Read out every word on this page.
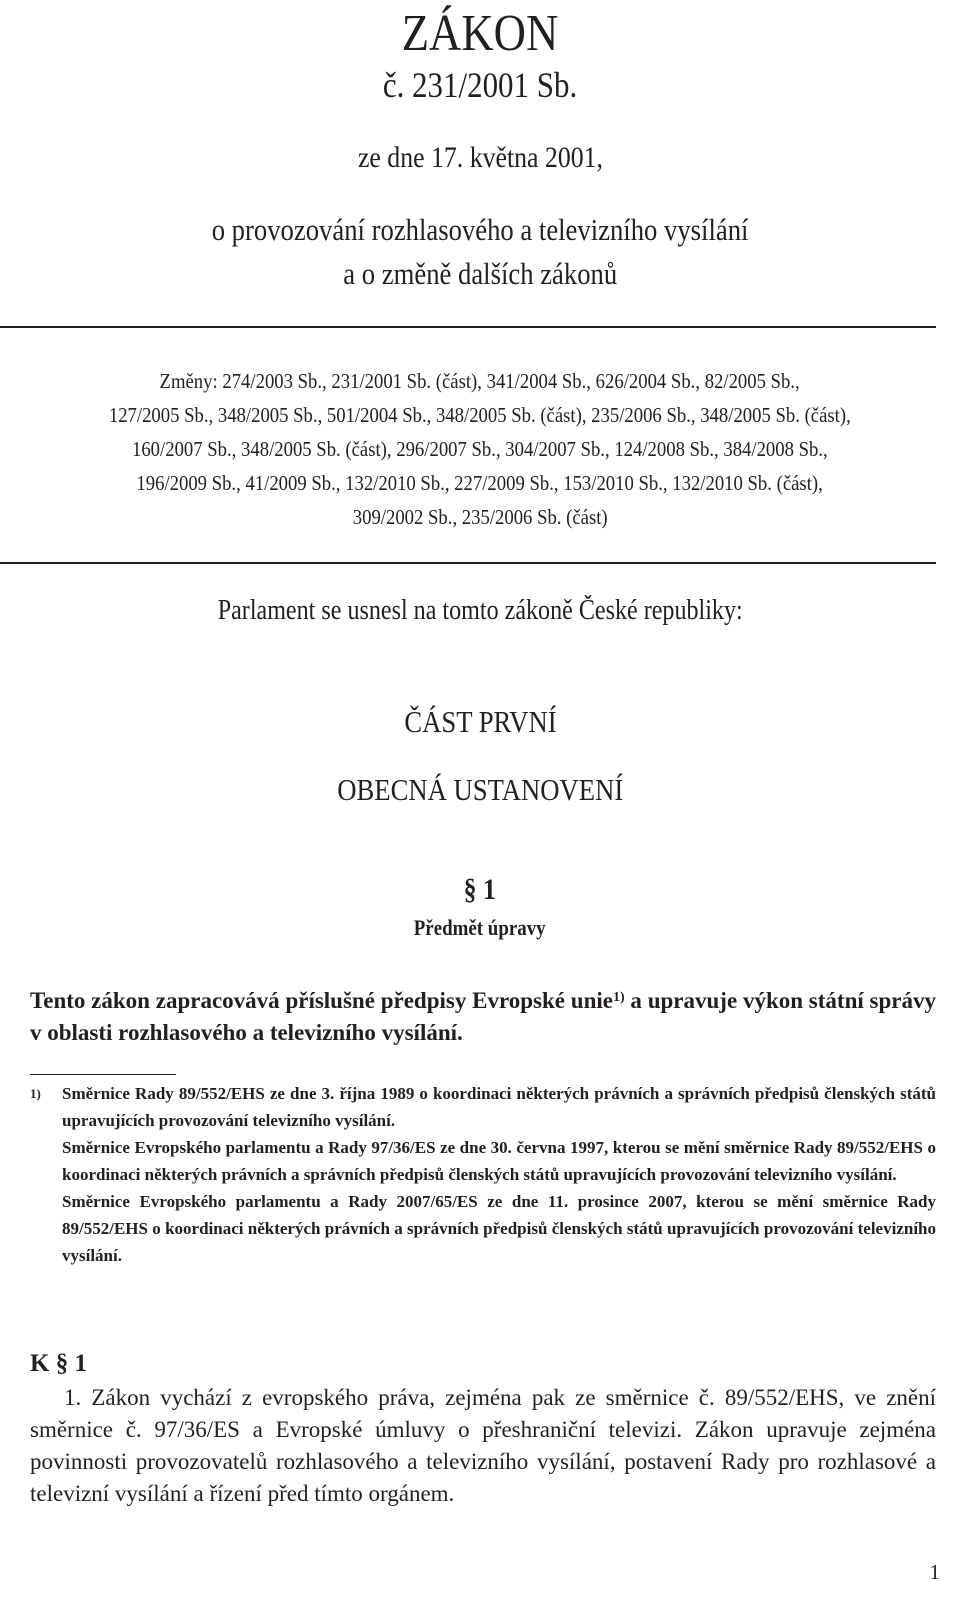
ZÁKON
č. 231/2001 Sb.
ze dne 17. května 2001,
o provozování rozhlasového a televizního vysílání
a o změně dalších zákonů
Změny: 274/2003 Sb., 231/2001 Sb. (část), 341/2004 Sb., 626/2004 Sb., 82/2005 Sb.,
127/2005 Sb., 348/2005 Sb., 501/2004 Sb., 348/2005 Sb. (část), 235/2006 Sb., 348/2005 Sb. (část),
160/2007 Sb., 348/2005 Sb. (část), 296/2007 Sb., 304/2007 Sb., 124/2008 Sb., 384/2008 Sb.,
196/2009 Sb., 41/2009 Sb., 132/2010 Sb., 227/2009 Sb., 153/2010 Sb., 132/2010 Sb. (část),
309/2002 Sb., 235/2006 Sb. (část)
Parlament se usnesl na tomto zákoně České republiky:
ČÁST PRVNÍ
OBECNÁ USTANOVENÍ
§ 1
Předmět úpravy
Tento zákon zapracovává příslušné předpisy Evropské unie$^{1)}$ a upravuje výkon státní správy v oblasti rozhlasového a televizního vysílání.
1) Směrnice Rady 89/552/EHS ze dne 3. října 1989 o koordinaci některých právních a správních předpisů členských států upravujících provozování televizního vysílání.

Směrnice Evropského parlamentu a Rady 97/36/ES ze dne 30. června 1997, kterou se mění směrnice Rady 89/552/EHS o koordinaci některých právních a správních předpisů členských států upravujících provozování televizního vysílání.

Směrnice Evropského parlamentu a Rady 2007/65/ES ze dne 11. prosince 2007, kterou se mění směrnice Rady 89/552/EHS o koordinaci některých právních a správních předpisů členských států upravujících provozování televizního vysílání.

K § 1
1. Zákon vychází z evropského práva, zejména pak ze směrnice č. 89/552/EHS, ve znění směrnice č. 97/36/ES a Evropské úmluvy o přeshraniční televizi. Zákon upravuje zejména povinnosti provozovatelů rozhlasového a televizního vysílání, postavení Rady pro rozhlasové a televizní vysílání a řízení před tímto orgánem.
1
